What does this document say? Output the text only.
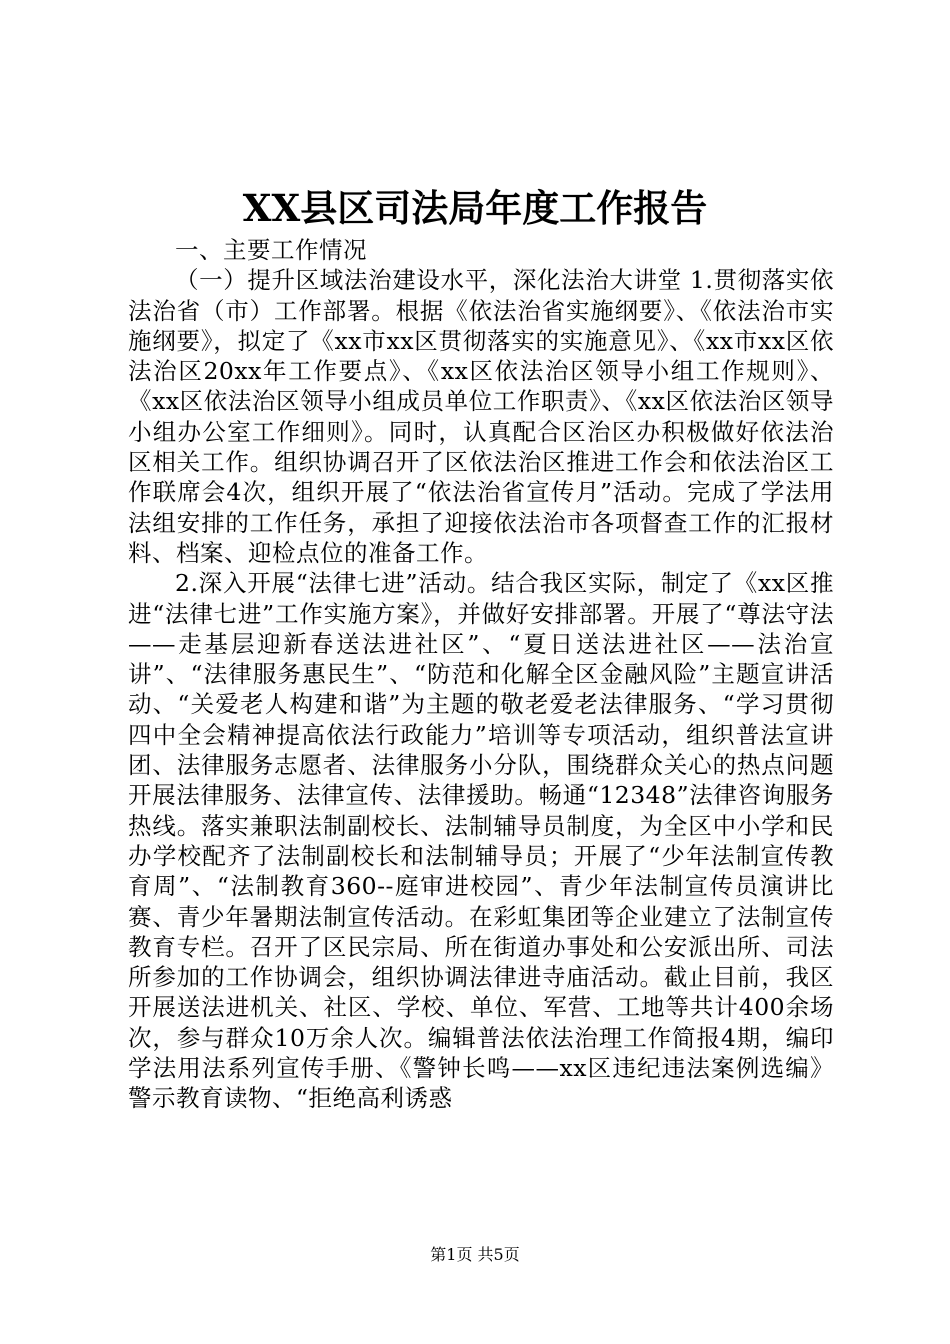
XX县区司法局年度工作报告

一、主要工作情况

（一）提升区域法治建设水平，深化法治大讲堂 1.贯彻落实依法治省（市）工作部署。根据《依法治省实施纲要》、《依法治市实施纲要》，拟定了《xx市xx区贯彻落实的实施意见》、《xx市xx区依法治区20xx年工作要点》、《xx区依法治区领导小组工作规则》、《xx区依法治区领导小组成员单位工作职责》、《xx区依法治区领导小组办公室工作细则》。同时，认真配合区治区办积极做好依法治区相关工作。组织协调召开了区依法治区推进工作会和依法治区工作联席会4次，组织开展了“依法治省宣传月”活动。完成了学法用法组安排的工作任务，承担了迎接依法治市各项督查工作的汇报材料、档案、迎检点位的准备工作。

2.深入开展“法律七进”活动。结合我区实际，制定了《xx区推进“法律七进”工作实施方案》，并做好安排部署。开展了“尊法守法——走基层迎新春送法进社区”、“夏日送法进社区——法治宣讲”、“法律服务惠民生”、“防范和化解全区金融风险”主题宣讲活动、“关爱老人构建和谐”为主题的敬老爱老法律服务、“学习贯彻四中全会精神提高依法行政能力”培训等专项活动，组织普法宣讲团、法律服务志愿者、法律服务小分队，围绕群众关心的热点问题开展法律服务、法律宣传、法律援助。畅通“12348”法律咨询服务热线。落实兼职法制副校长、法制辅导员制度，为全区中小学和民办学校配齐了法制副校长和法制辅导员；开展了“少年法制宣传教育周”、“法制教育360--庭审进校园”、青少年法制宣传员演讲比赛、青少年暑期法制宣传活动。在彩虹集团等企业建立了法制宣传教育专栏。召开了区民宗局、所在街道办事处和公安派出所、司法所参加的工作协调会，组织协调法律进寺庙活动。截止目前，我区开展送法进机关、社区、学校、单位、军营、工地等共计400余场次，参与群众10万余人次。编辑普法依法治理工作简报4期，编印学法用法系列宣传手册、《警钟长鸣——xx区违纪违法案例选编》警示教育读物、“拒绝高利诱惑

第1页 共5页
